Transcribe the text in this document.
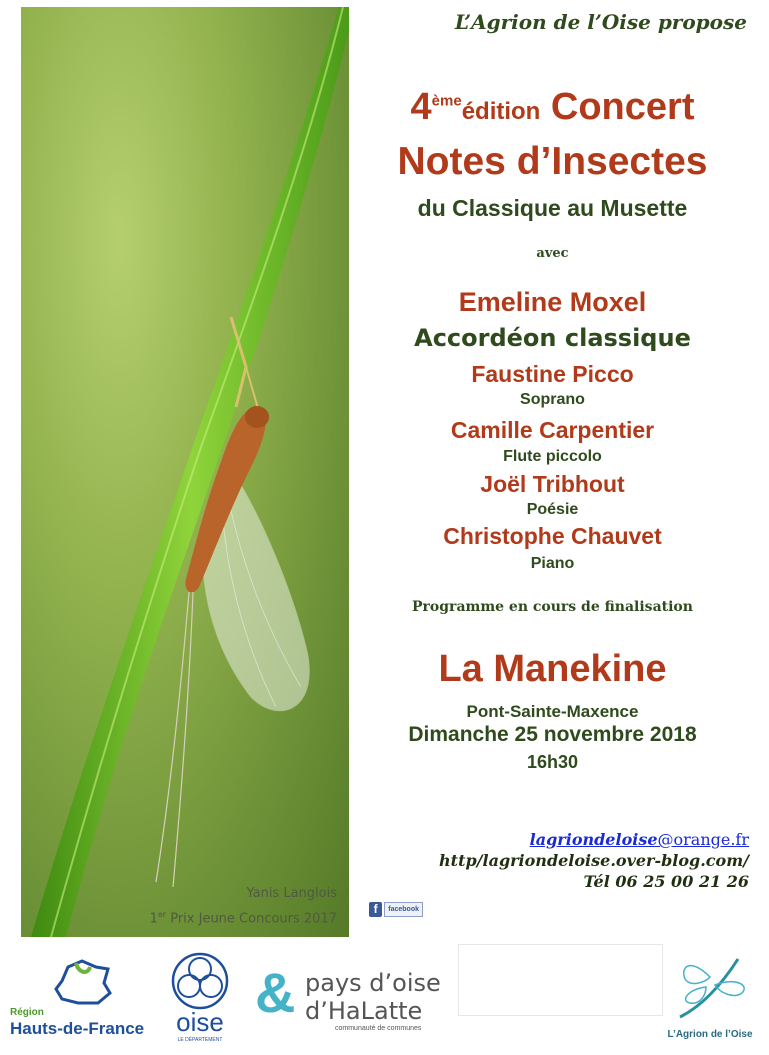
Yanis Langlois
1er Prix Jeune Concours 2017
L’Agrion de l’Oise propose
4èmeédition Concert
Notes d’Insectes
du Classique au Musette
avec
Emeline Moxel
Accordéon classique
Faustine Picco
Soprano
Camille Carpentier
Flute piccolo
Joël Tribhout
Poésie
Christophe Chauvet
Piano
Programme en cours de finalisation
La Manekine
Pont-Sainte-Maxence
Dimanche 25 novembre 2018
16h30
lagriondeloise@orange.fr
http/lagriondeloise.over-blog.com/
Tél 06 25 00 21 26
f	facebook
Région
Hauts-de-France	oise
LE DÉPARTEMENT
& pays d’oise
d’HaLatte
communauté de communes
L’Agrion de l’Oise
